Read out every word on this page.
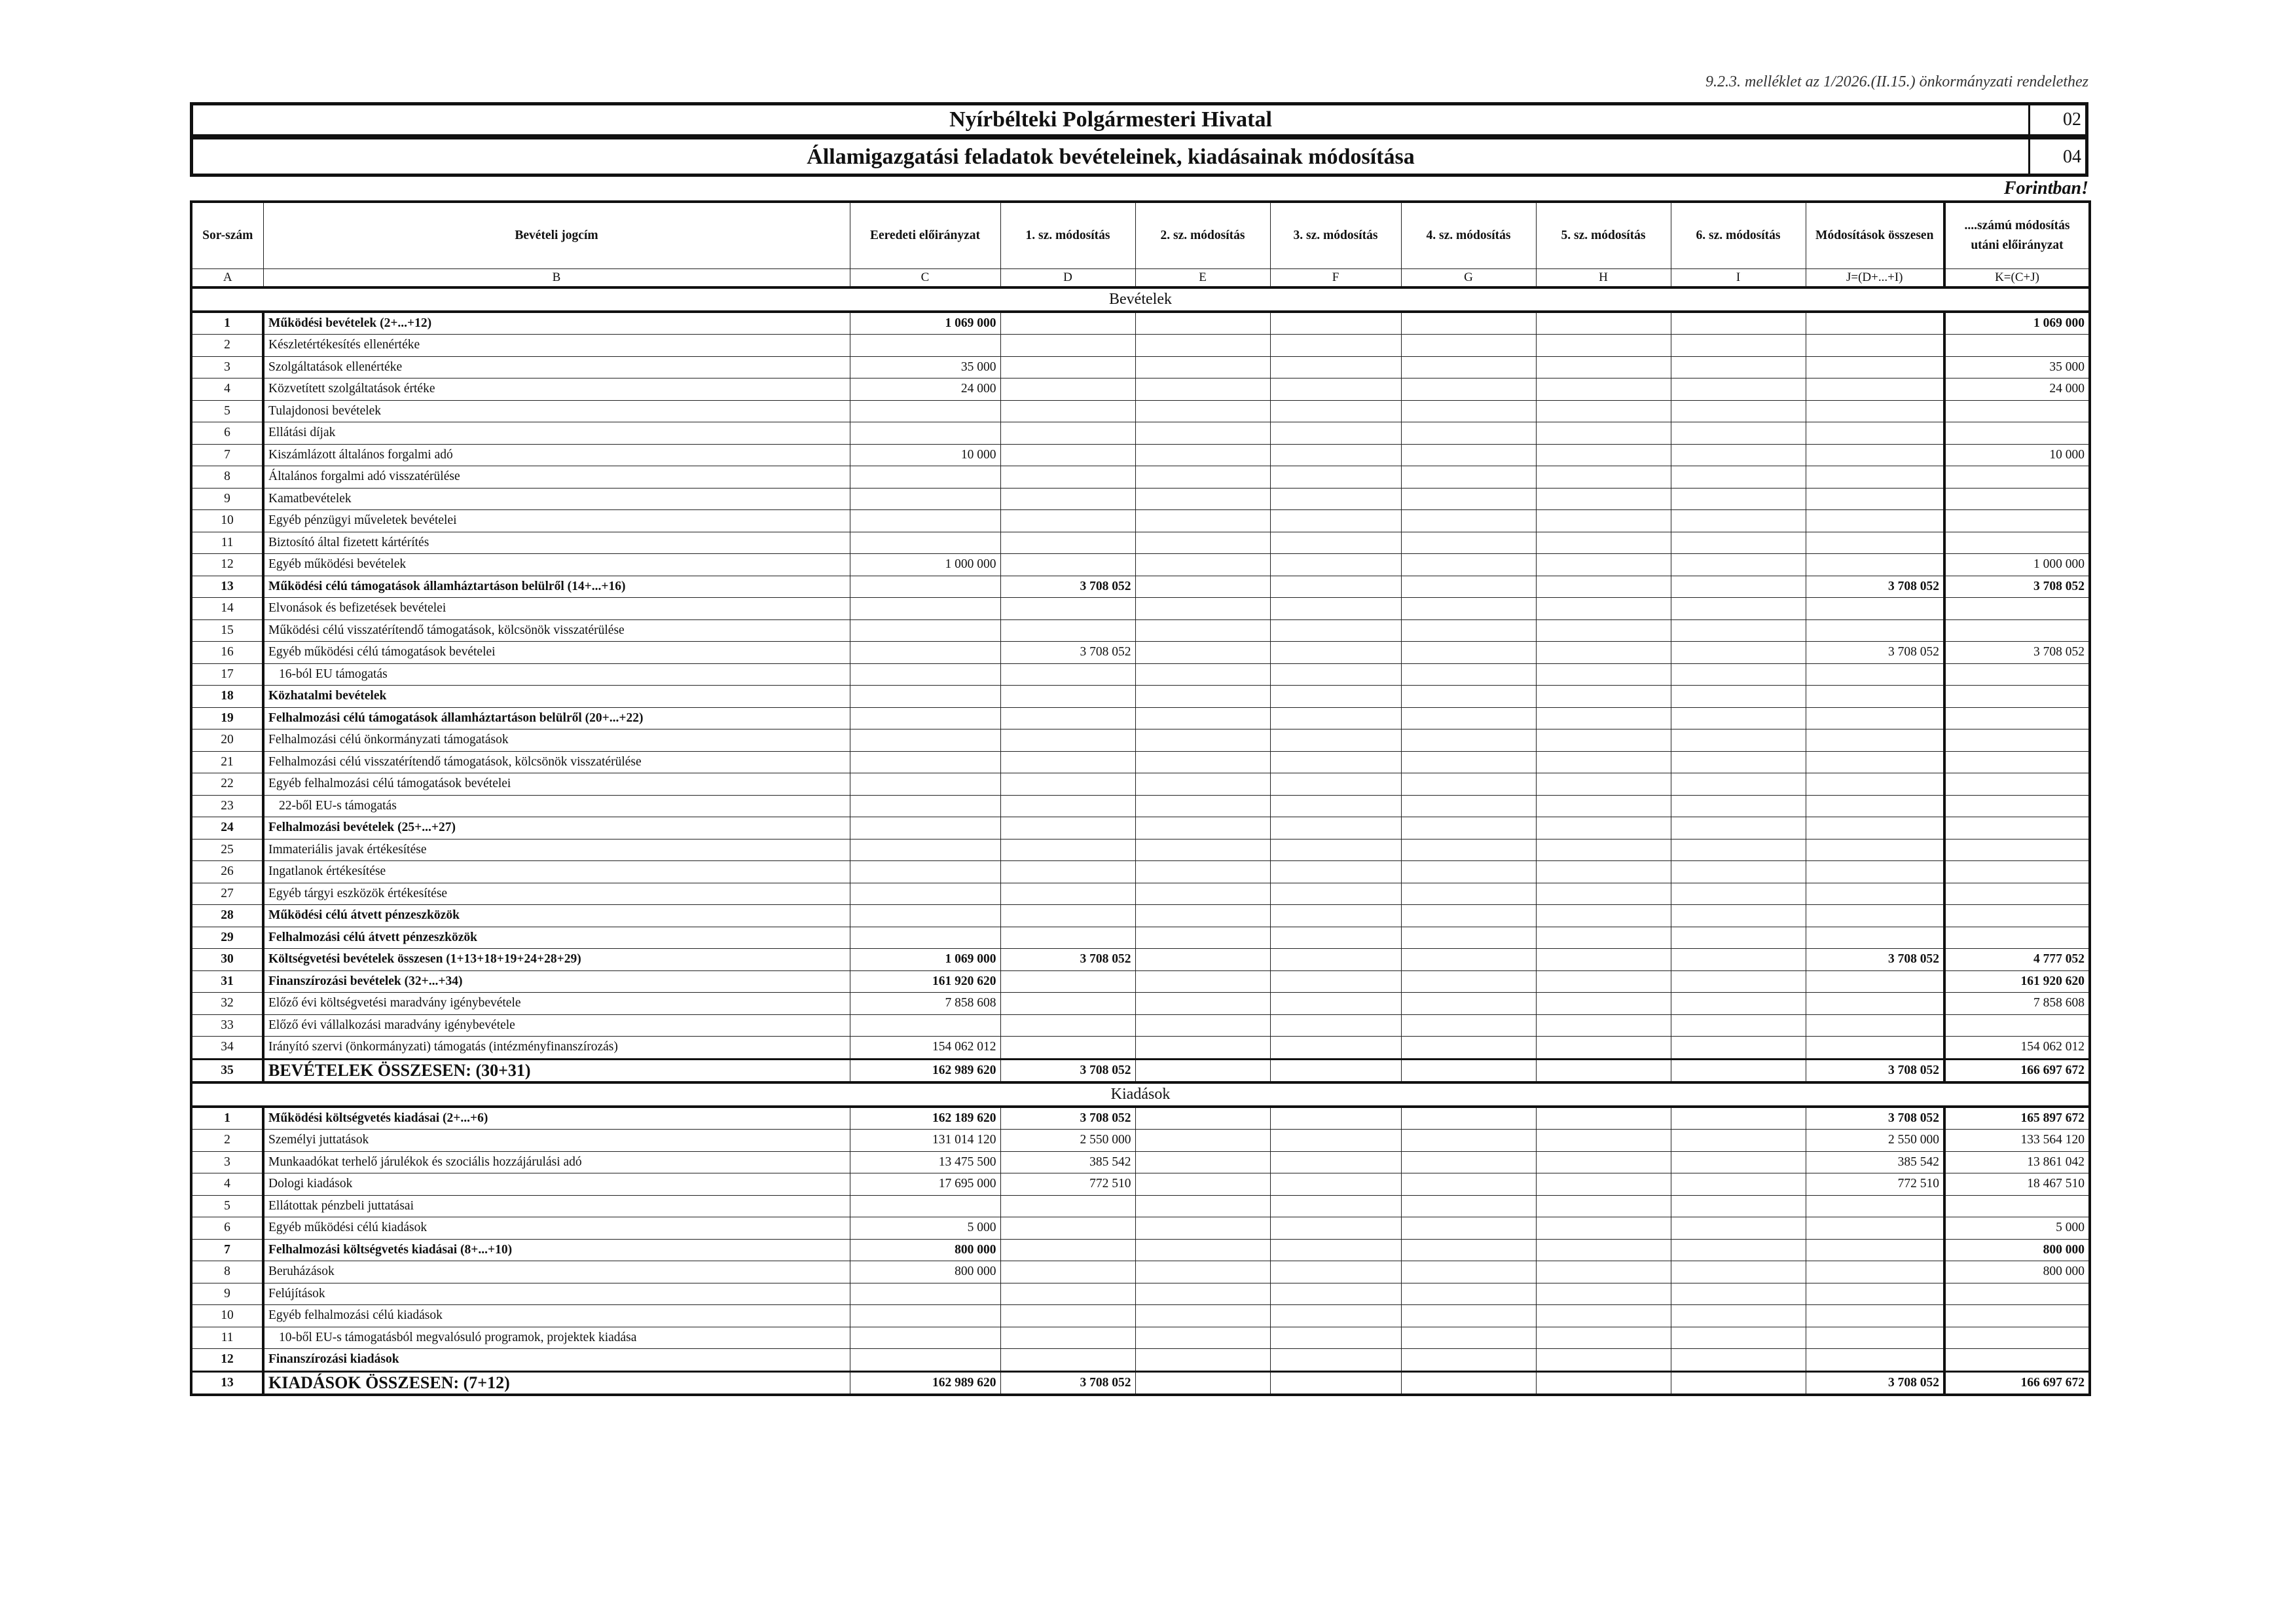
9.2.3. melléklet az 1/2026.(II.15.) önkormányzati rendelethez
Nyírbélteki Polgármesteri Hivatal	02
Államigazgatási feladatok bevételeinek, kiadásainak módosítása	04
Forintban!
Sor-szám	Bevételi jogcím	Eeredeti előirányzat	1. sz. módosítás	2. sz. módosítás	3. sz. módosítás	4. sz. módosítás	5. sz. módosítás	6. sz. módosítás	Módosítások összesen	....számú módosítás utáni előirányzat
A	B	C	D	E	F	G	H	I	J=(D+...+I)	K=(C+J)
Bevételek										
1	Működési bevételek (2+...+12)	1 069 000								1 069 000
2	Készletértékesítés ellenértéke									
3	Szolgáltatások ellenértéke	35 000								35 000
4	Közvetített szolgáltatások értéke	24 000								24 000
5	Tulajdonosi bevételek									
6	Ellátási díjak									
7	Kiszámlázott általános forgalmi adó	10 000								10 000
8	Általános forgalmi adó visszatérülése									
9	Kamatbevételek									
10	Egyéb pénzügyi műveletek bevételei									
11	Biztosító által fizetett kártérítés									
12	Egyéb működési bevételek	1 000 000								1 000 000
13	Működési célú támogatások államháztartáson belülről (14+...+16)		3 708 052						3 708 052	3 708 052
14	Elvonások és befizetések bevételei									
15	Működési célú visszatérítendő támogatások, kölcsönök visszatérülése									
16	Egyéb működési célú támogatások bevételei		3 708 052						3 708 052	3 708 052
17	16-ból EU támogatás									
18	Közhatalmi bevételek									
19	Felhalmozási célú támogatások államháztartáson belülről (20+...+22)									
20	Felhalmozási célú önkormányzati támogatások									
21	Felhalmozási célú visszatérítendő támogatások, kölcsönök visszatérülése									
22	Egyéb felhalmozási célú támogatások bevételei									
23	22-ből EU-s támogatás									
24	Felhalmozási bevételek (25+...+27)									
25	Immateriális javak értékesítése									
26	Ingatlanok értékesítése									
27	Egyéb tárgyi eszközök értékesítése									
28	Működési célú átvett pénzeszközök									
29	Felhalmozási célú átvett pénzeszközök									
30	Költségvetési bevételek összesen (1+13+18+19+24+28+29)	1 069 000	3 708 052						3 708 052	4 777 052
31	Finanszírozási bevételek (32+...+34)	161 920 620								161 920 620
32	Előző évi költségvetési maradvány igénybevétele	7 858 608								7 858 608
33	Előző évi vállalkozási maradvány igénybevétele									
34	Irányító szervi (önkormányzati) támogatás (intézményfinanszírozás)	154 062 012								154 062 012
35	BEVÉTELEK ÖSSZESEN: (30+31)	162 989 620	3 708 052						3 708 052	166 697 672
Kiadások										
1	Működési költségvetés kiadásai (2+...+6)	162 189 620	3 708 052						3 708 052	165 897 672
2	Személyi juttatások	131 014 120	2 550 000						2 550 000	133 564 120
3	Munkaadókat terhelő járulékok és szociális hozzájárulási adó	13 475 500	385 542						385 542	13 861 042
4	Dologi kiadások	17 695 000	772 510						772 510	18 467 510
5	Ellátottak pénzbeli juttatásai									
6	Egyéb működési célú kiadások	5 000								5 000
7	Felhalmozási költségvetés kiadásai (8+...+10)	800 000								800 000
8	Beruházások	800 000								800 000
9	Felújítások									
10	Egyéb felhalmozási célú kiadások									
11	10-ből EU-s támogatásból megvalósuló programok, projektek kiadása									
12	Finanszírozási kiadások									
13	KIADÁSOK ÖSSZESEN: (7+12)	162 989 620	3 708 052						3 708 052	166 697 672
